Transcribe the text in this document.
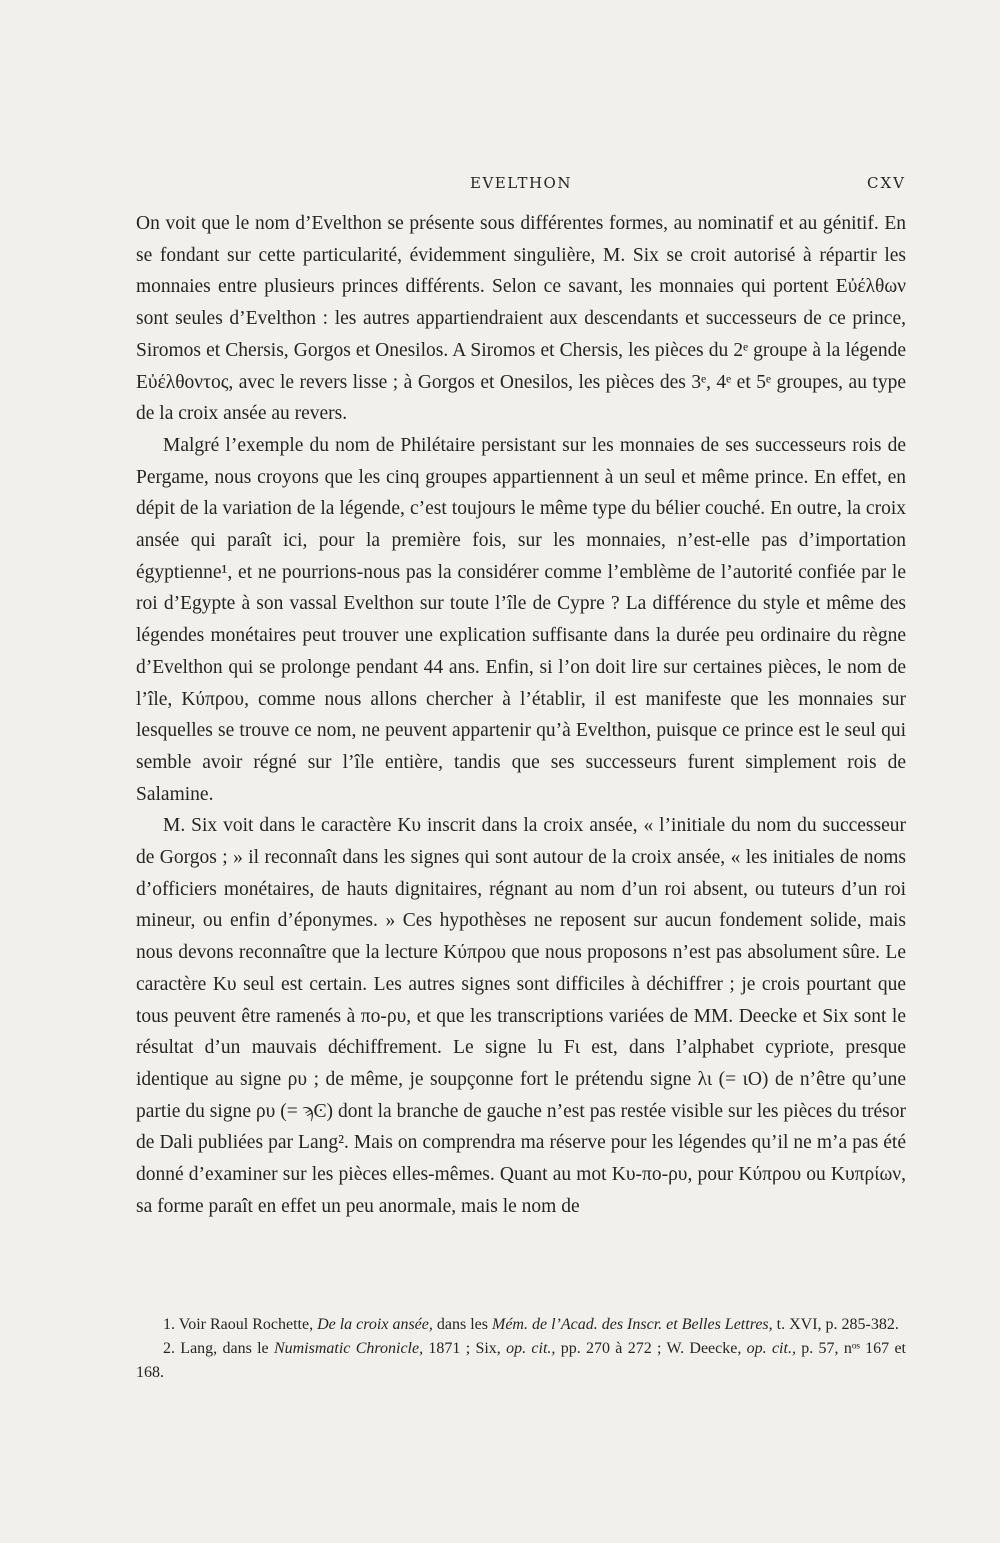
EVELTHON	CXV

On voit que le nom d’Evelthon se présente sous différentes formes, au nominatif et au génitif. En se fondant sur cette particularité, évidemment singulière, M. Six se croit autorisé à répartir les monnaies entre plusieurs princes différents. Selon ce savant, les monnaies qui portent Εὐέλθων sont seules d’Evelthon : les autres appartiendraient aux descendants et successeurs de ce prince, Siromos et Chersis, Gorgos et Onesilos. A Siromos et Chersis, les pièces du 2ᵉ groupe à la légende Εὐέλθοντος, avec le revers lisse ; à Gorgos et Onesilos, les pièces des 3ᵉ, 4ᵉ et 5ᵉ groupes, au type de la croix ansée au revers.

Malgré l’exemple du nom de Philétaire persistant sur les monnaies de ses successeurs rois de Pergame, nous croyons que les cinq groupes appartiennent à un seul et même prince. En effet, en dépit de la variation de la légende, c’est toujours le même type du bélier couché. En outre, la croix ansée qui paraît ici, pour la première fois, sur les monnaies, n’est-elle pas d’importation égyptienne¹, et ne pourrions-nous pas la considérer comme l’emblème de l’autorité confiée par le roi d’Egypte à son vassal Evelthon sur toute l’île de Cypre ? La différence du style et même des légendes monétaires peut trouver une explication suffisante dans la durée peu ordinaire du règne d’Evelthon qui se prolonge pendant 44 ans. Enfin, si l’on doit lire sur certaines pièces, le nom de l’île, Κύπρου, comme nous allons chercher à l’établir, il est manifeste que les monnaies sur lesquelles se trouve ce nom, ne peuvent appartenir qu’à Evelthon, puisque ce prince est le seul qui semble avoir régné sur l’île entière, tandis que ses successeurs furent simplement rois de Salamine.

M. Six voit dans le caractère Κυ inscrit dans la croix ansée, « l’initiale du nom du successeur de Gorgos ; » il reconnaît dans les signes qui sont autour de la croix ansée, « les initiales de noms d’officiers monétaires, de hauts dignitaires, régnant au nom d’un roi absent, ou tuteurs d’un roi mineur, ou enfin d’éponymes. » Ces hypothèses ne reposent sur aucun fondement solide, mais nous devons reconnaître que la lecture Κύπρου que nous proposons n’est pas absolument sûre. Le caractère Κυ seul est certain. Les autres signes sont difficiles à déchiffrer ; je crois pourtant que tous peuvent être ramenés à πο-ρυ, et que les transcriptions variées de MM. Deecke et Six sont le résultat d’un mauvais déchiffrement. Le signe lu Fι est, dans l’alphabet cypriote, presque identique au signe ρυ ; de même, je soupçonne fort le prétendu signe λι (= ιΟ) de n’être qu’une partie du signe ρυ (= ϡϾ) dont la branche de gauche n’est pas restée visible sur les pièces du trésor de Dali publiées par Lang². Mais on comprendra ma réserve pour les légendes qu’il ne m’a pas été donné d’examiner sur les pièces elles-mêmes. Quant au mot Κυ-πο-ρυ, pour Κύπρου ou Κυπρίων, sa forme paraît en effet un peu anormale, mais le nom de

1. Voir Raoul Rochette, De la croix ansée, dans les Mém. de l’Acad. des Inscr. et Belles Lettres, t. XVI, p. 285-382.

2. Lang, dans le Numismatic Chronicle, 1871 ; Six, op. cit., pp. 270 à 272 ; W. Deecke, op. cit., p. 57, nᵒˢ 167 et 168.
